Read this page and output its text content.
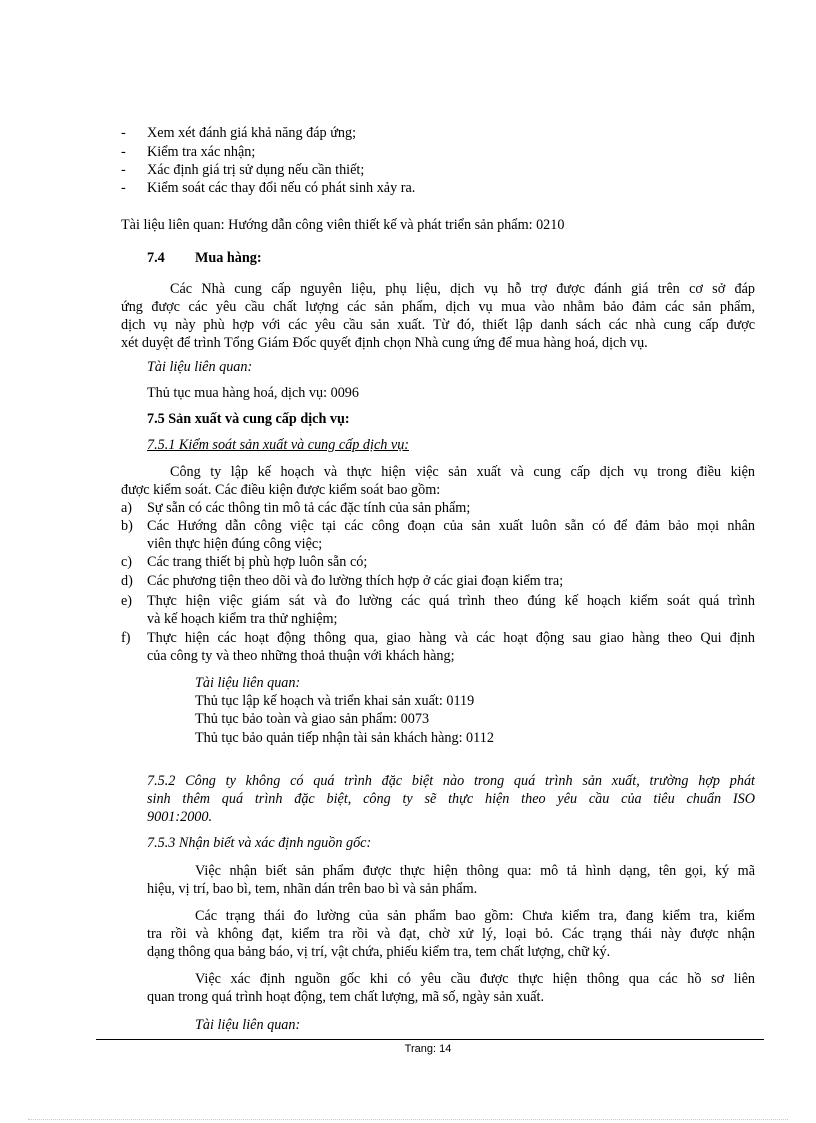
- Xem xét đánh giá khả năng đáp ứng;
- Kiểm tra xác nhận;
- Xác định giá trị sử dụng nếu cần thiết;
- Kiểm soát các thay đổi nếu có phát sinh xảy ra.
Tài liệu liên quan: Hướng dẫn công viên thiết kế và phát triển sản phẩm: 0210
7.4 Mua hàng:
Các Nhà cung cấp nguyên liệu, phụ liệu, dịch vụ hỗ trợ được đánh giá trên cơ sở đáp
ứng được các yêu cầu chất lượng các sản phẩm, dịch vụ mua vào nhằm bảo đảm các sản phẩm,
dịch vụ này phù hợp với các yêu cầu sản xuất. Từ đó, thiết lập danh sách các nhà cung cấp được
xét duyệt để trình Tổng Giám Đốc quyết định chọn Nhà cung ứng để mua hàng hoá, dịch vụ.
Tài liệu liên quan:
Thủ tục mua hàng hoá, dịch vụ: 0096
7.5 Sản xuất và cung cấp dịch vụ:
7.5.1 Kiểm soát sản xuất và cung cấp dịch vụ:
Công ty lập kế hoạch và thực hiện việc sản xuất và cung cấp dịch vụ trong điều kiện
được kiểm soát. Các điều kiện được kiểm soát bao gồm:
a) Sự sẵn có các thông tin mô tả các đặc tính của sản phẩm;
b) Các Hướng dẫn công việc tại các công đoạn của sản xuất luôn sẵn có để đảm bảo mọi nhân
viên thực hiện đúng công việc;
c) Các trang thiết bị phù hợp luôn sẵn có;
d) Các phương tiện theo dõi và đo lường thích hợp ở các giai đoạn kiểm tra;
e) Thực hiện việc giám sát và đo lường các quá trình theo đúng kế hoạch kiểm soát quá trình
và kế hoạch kiểm tra thử nghiệm;
f) Thực hiện các hoạt động thông qua, giao hàng và các hoạt động sau giao hàng theo Qui định
của công ty và theo những thoả thuận với khách hàng;
Tài liệu liên quan:
Thủ tục lập kế hoạch và triển khai sản xuất: 0119
Thủ tục bảo toàn và giao sản phẩm: 0073
Thủ tục bảo quản tiếp nhận tài sản khách hàng: 0112
7.5.2 Công ty không có quá trình đặc biệt nào trong quá trình sản xuất, trường hợp phát
sinh thêm quá trình đặc biệt, công ty sẽ thực hiện theo yêu cầu của tiêu chuẩn ISO
9001:2000.
7.5.3 Nhận biết và xác định nguồn gốc:
Việc nhận biết sản phẩm được thực hiện thông qua: mô tả hình dạng, tên gọi, ký mã
hiệu, vị trí, bao bì, tem, nhãn dán trên bao bì và sản phẩm.
Các trạng thái đo lường của sản phẩm bao gồm: Chưa kiểm tra, đang kiểm tra, kiểm
tra rồi và không đạt, kiểm tra rồi và đạt, chờ xử lý, loại bỏ. Các trạng thái này được nhận
dạng thông qua bảng báo, vị trí, vật chứa, phiếu kiểm tra, tem chất lượng, chữ ký.
Việc xác định nguồn gốc khi có yêu cầu được thực hiện thông qua các hồ sơ liên
quan trong quá trình hoạt động, tem chất lượng, mã số, ngày sản xuất.
Tài liệu liên quan:
Trang: 14
